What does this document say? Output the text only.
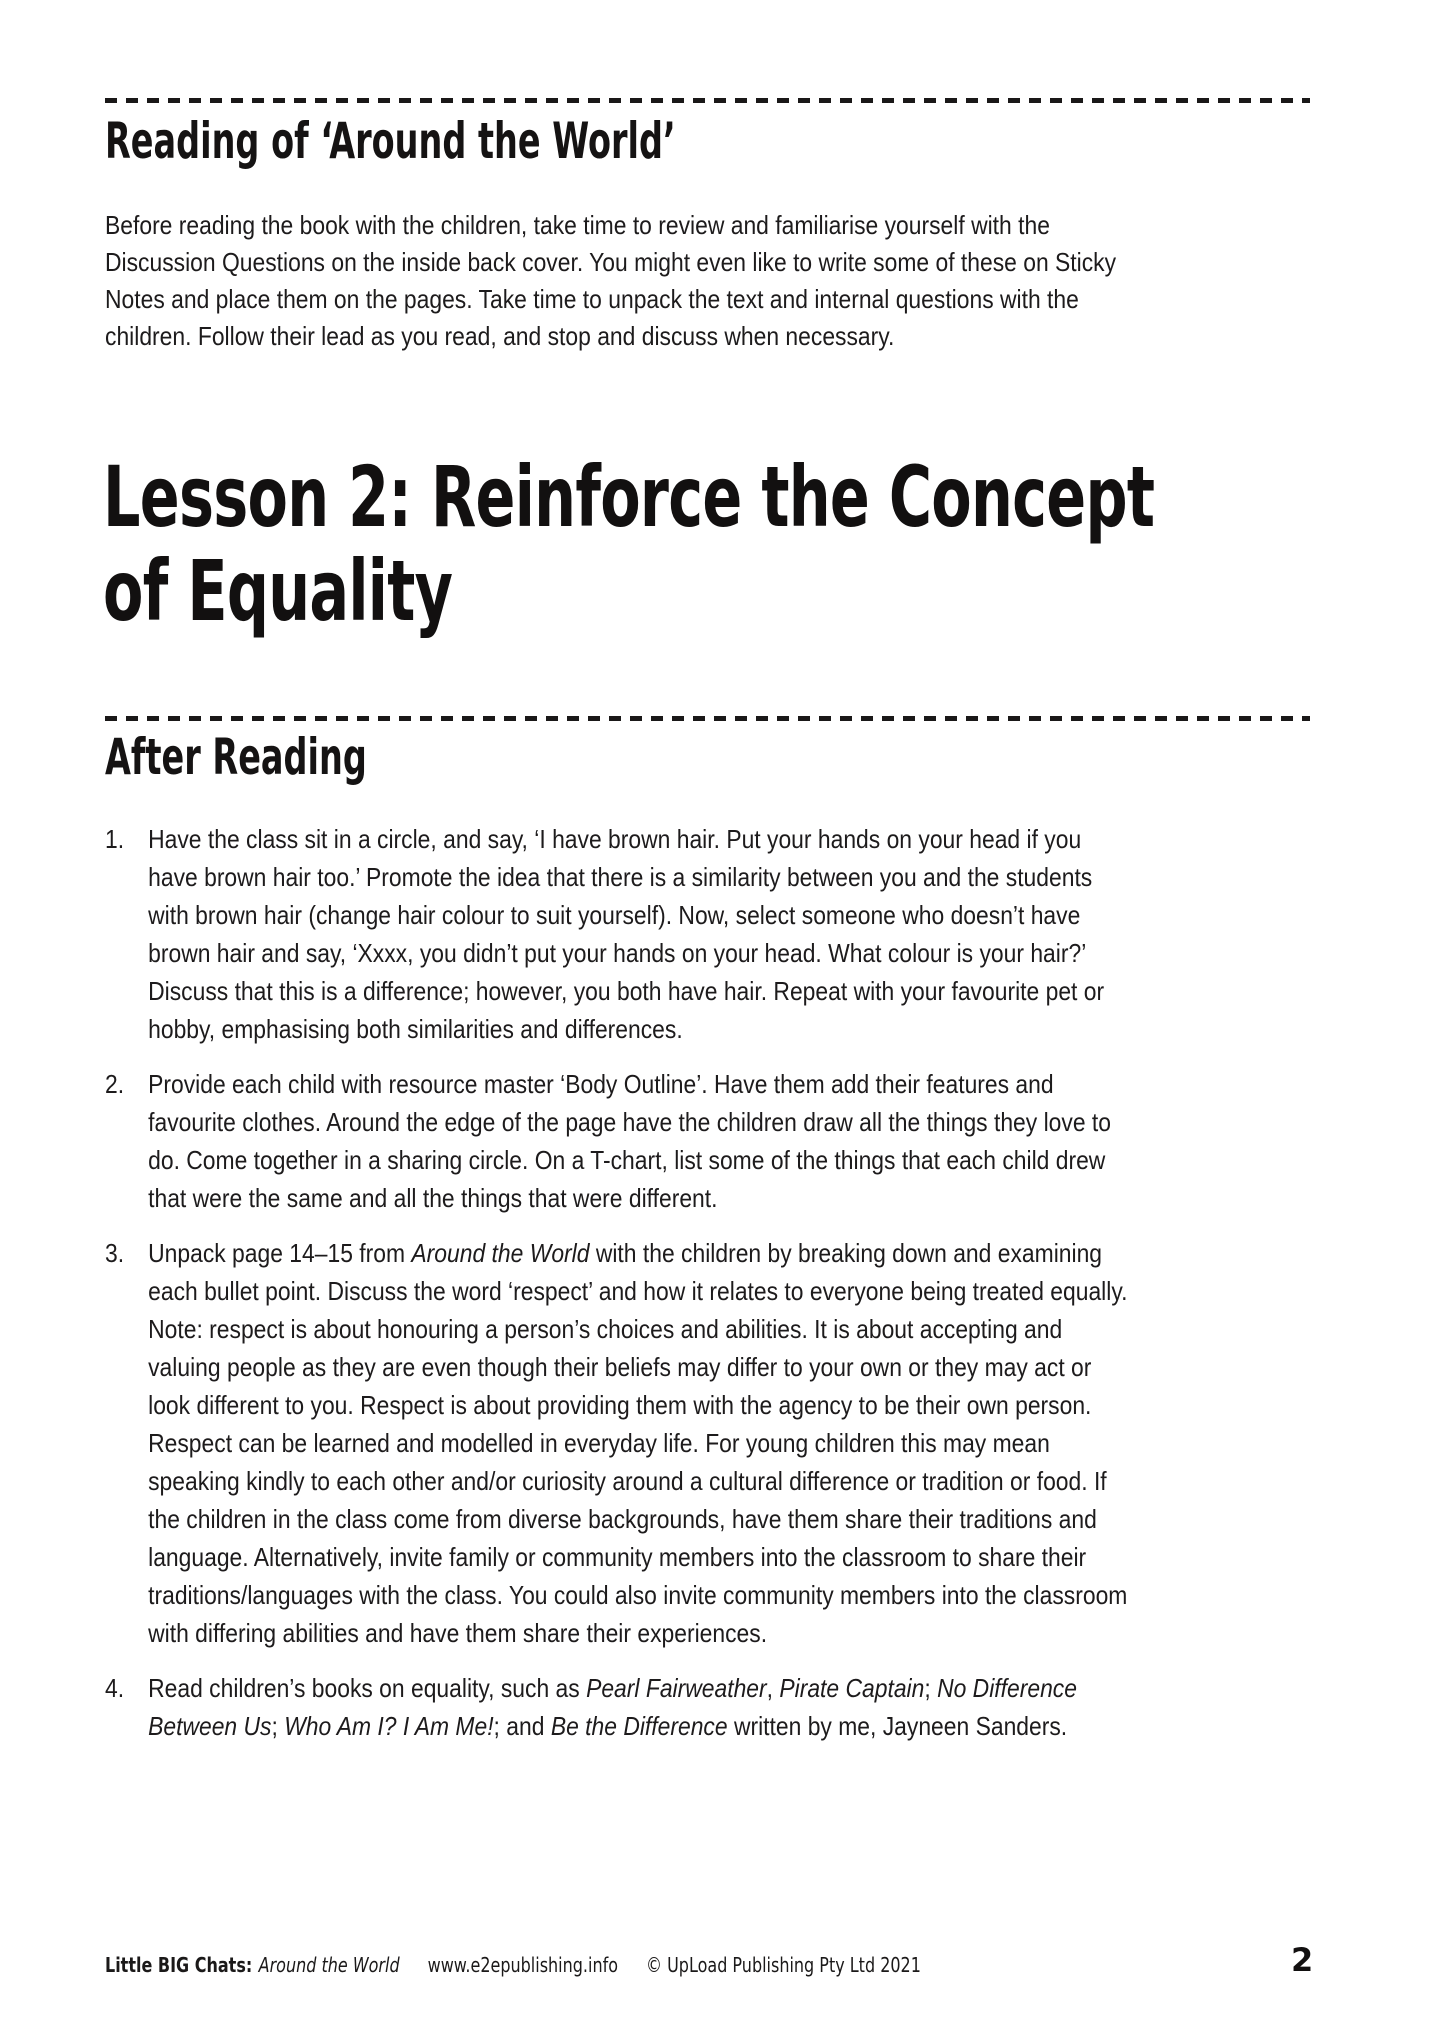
Reading of ‘Around the World’

Before reading the book with the children, take time to review and familiarise yourself with the Discussion Questions on the inside back cover. You might even like to write some of these on Sticky Notes and place them on the pages. Take time to unpack the text and internal questions with the children. Follow their lead as you read, and stop and discuss when necessary.

Lesson 2: Reinforce the Concept of Equality
After Reading
1. Have the class sit in a circle, and say, ‘I have brown hair. Put your hands on your head if you have brown hair too.’ Promote the idea that there is a similarity between you and the students with brown hair (change hair colour to suit yourself). Now, select someone who doesn’t have brown hair and say, ‘Xxxx, you didn’t put your hands on your head. What colour is your hair?’ Discuss that this is a difference; however, you both have hair. Repeat with your favourite pet or hobby, emphasising both similarities and differences.
2. Provide each child with resource master ‘Body Outline’. Have them add their features and favourite clothes. Around the edge of the page have the children draw all the things they love to do. Come together in a sharing circle. On a T-chart, list some of the things that each child drew that were the same and all the things that were different.
3. Unpack page 14–15 from Around the World with the children by breaking down and examining each bullet point. Discuss the word ‘respect’ and how it relates to everyone being treated equally. Note: respect is about honouring a person’s choices and abilities. It is about accepting and valuing people as they are even though their beliefs may differ to your own or they may act or look different to you. Respect is about providing them with the agency to be their own person. Respect can be learned and modelled in everyday life. For young children this may mean speaking kindly to each other and/or curiosity around a cultural difference or tradition or food. If the children in the class come from diverse backgrounds, have them share their traditions and language. Alternatively, invite family or community members into the classroom to share their traditions/languages with the class. You could also invite community members into the classroom with differing abilities and have them share their experiences.
4. Read children’s books on equality, such as Pearl Fairweather, Pirate Captain; No Difference Between Us; Who Am I? I Am Me!; and Be the Difference written by me, Jayneen Sanders.
Little BIG Chats: Around the World www.e2epublishing.info © UpLoad Publishing Pty Ltd 2021	2
